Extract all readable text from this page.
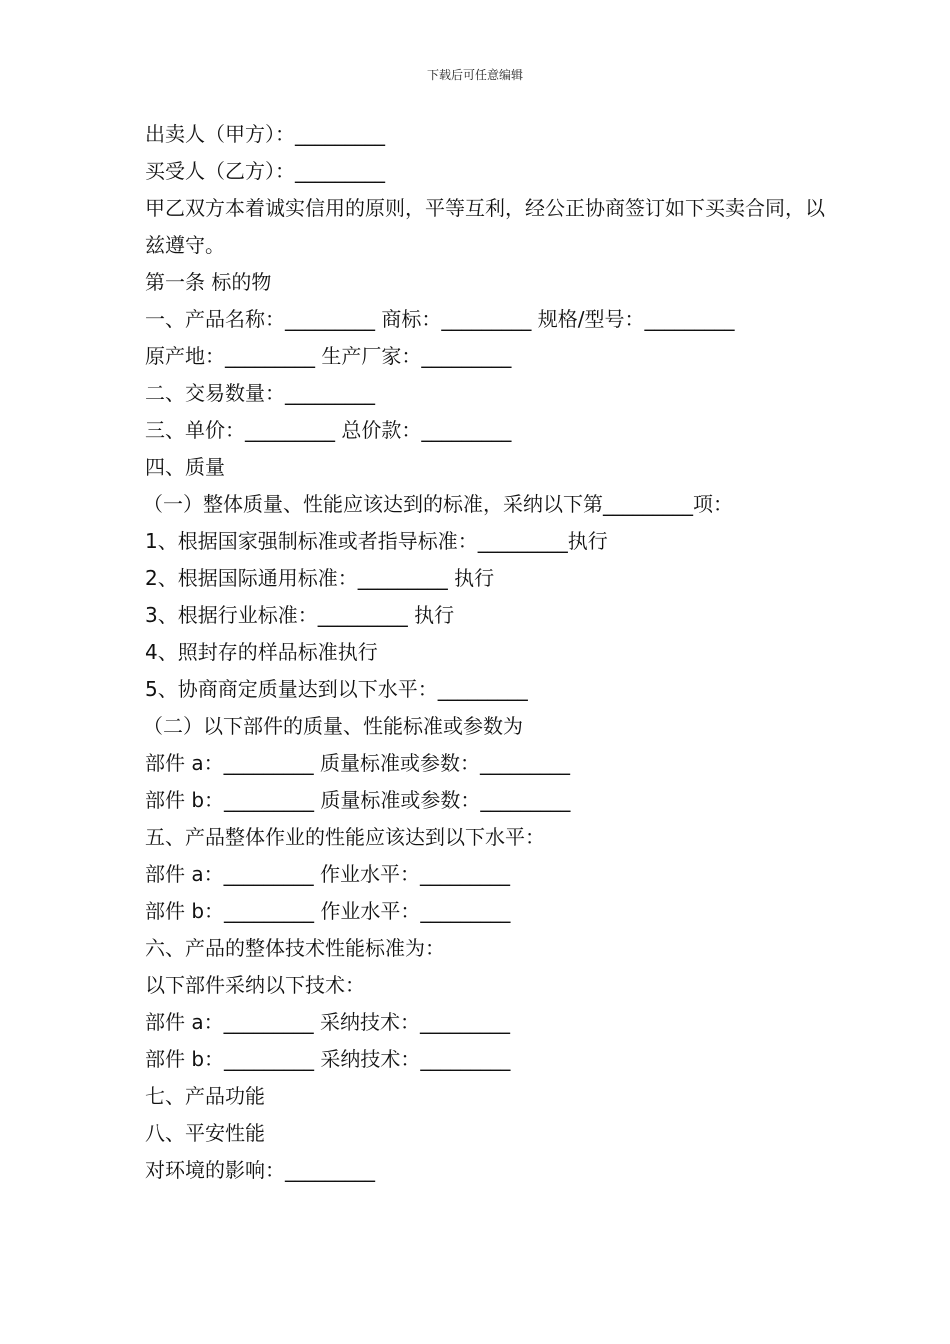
下载后可任意编辑
出卖人（甲方）：_________
买受人（乙方）：_________
甲乙双方本着诚实信用的原则，平等互利，经公正协商签订如下买卖合同，以兹遵守。
第一条 标的物
一、产品名称：_________ 商标：_________ 规格/型号：_________
原产地：_________ 生产厂家：_________
二、交易数量：_________
三、单价：_________ 总价款：_________
四、质量
（一）整体质量、性能应该达到的标准，采纳以下第_________项：
1、根据国家强制标准或者指导标准：_________执行
2、根据国际通用标准：_________ 执行
3、根据行业标准：_________ 执行
4、照封存的样品标准执行
5、协商商定质量达到以下水平：_________
（二）以下部件的质量、性能标准或参数为
部件 a：_________ 质量标准或参数：_________
部件 b：_________ 质量标准或参数：_________
五、产品整体作业的性能应该达到以下水平：
部件 a：_________ 作业水平：_________
部件 b：_________ 作业水平：_________
六、产品的整体技术性能标准为：
以下部件采纳以下技术：
部件 a：_________ 采纳技术：_________
部件 b：_________ 采纳技术：_________
七、产品功能
八、平安性能
对环境的影响：_________
